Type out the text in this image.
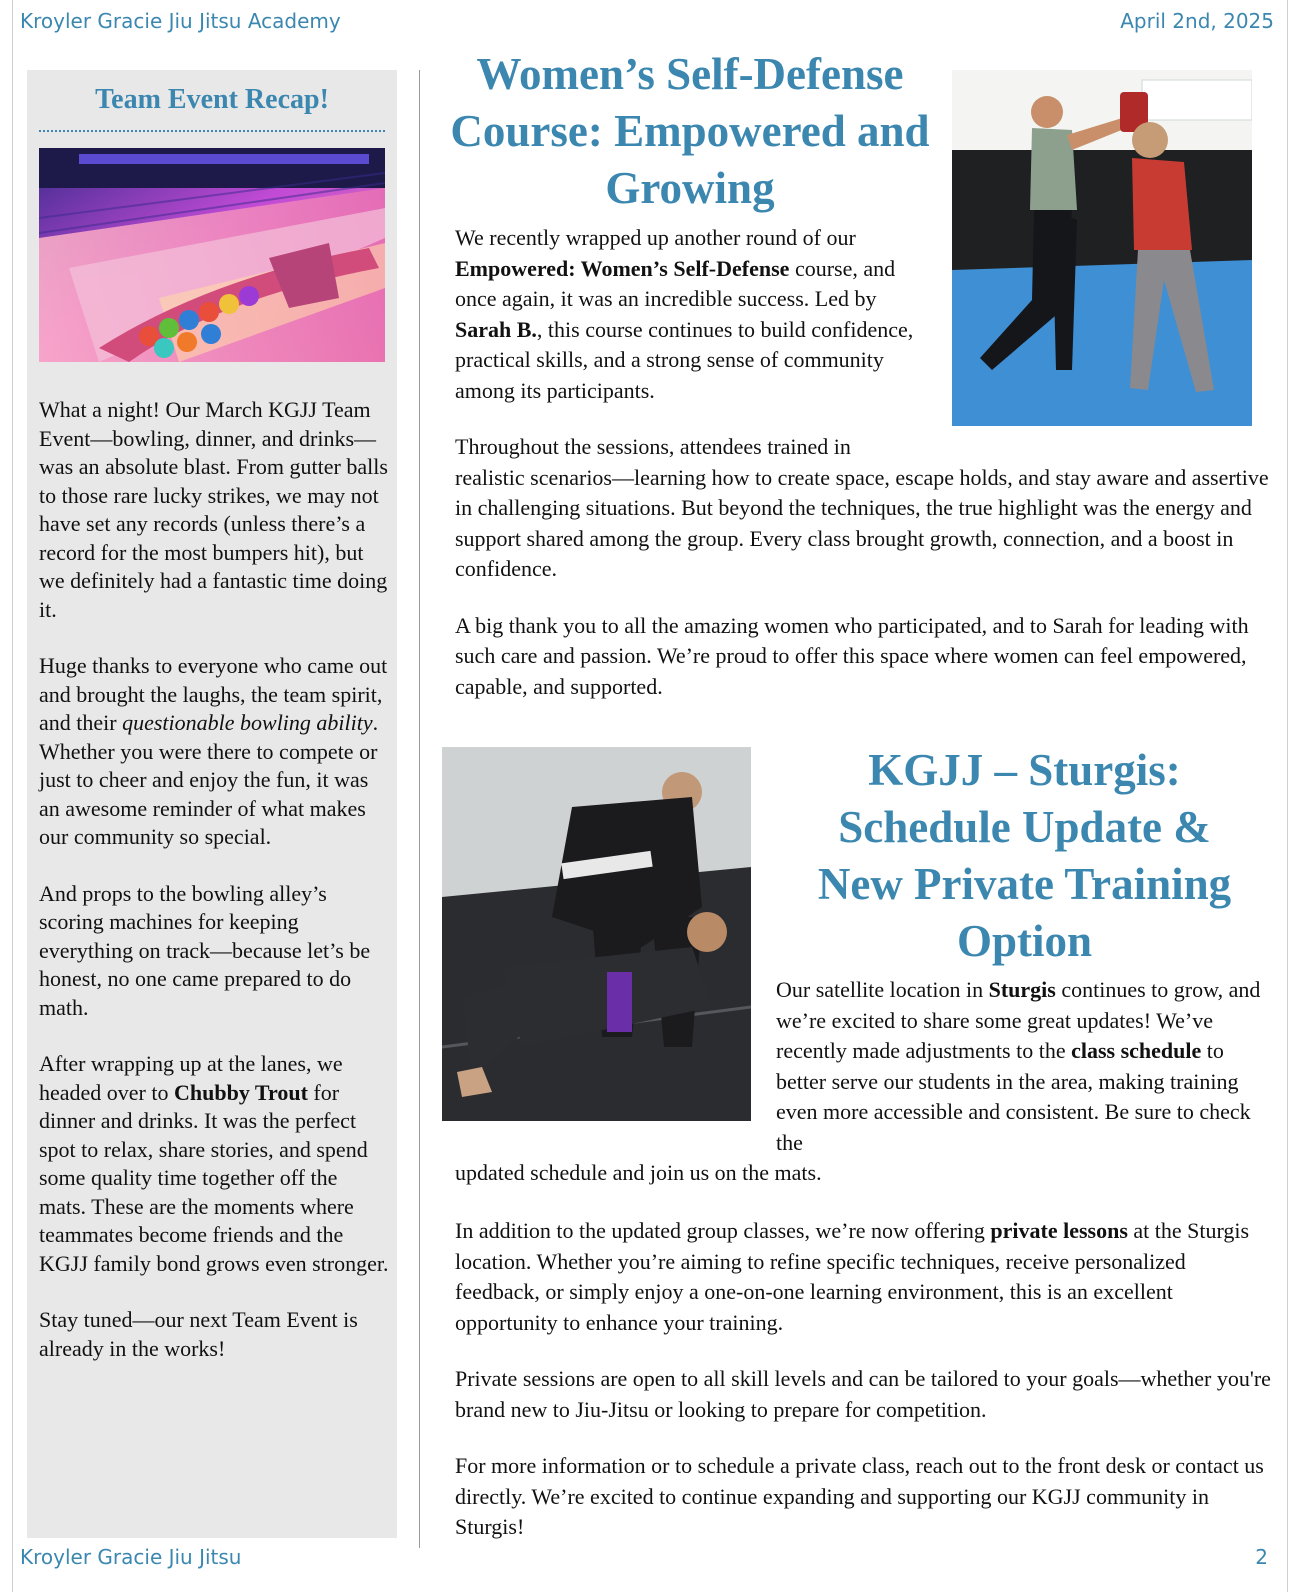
Kroyler Gracie Jiu Jitsu Academy	April 2nd, 2025
Team Event Recap!

What a night! Our March KGJJ Team Event—bowling, dinner, and drinks—was an absolute blast. From gutter balls to those rare lucky strikes, we may not have set any records (unless there’s a record for the most bumpers hit), but we definitely had a fantastic time doing it.

Huge thanks to everyone who came out and brought the laughs, the team spirit, and their questionable bowling ability. Whether you were there to compete or just to cheer and enjoy the fun, it was an awesome reminder of what makes our community so special.

And props to the bowling alley’s scoring machines for keeping everything on track—because let’s be honest, no one came prepared to do math.

After wrapping up at the lanes, we headed over to Chubby Trout for dinner and drinks. It was the perfect spot to relax, share stories, and spend some quality time together off the mats. These are the moments where teammates become friends and the KGJJ family bond grows even stronger.

Stay tuned—our next Team Event is already in the works!

Women’s Self-Defense Course: Empowered and Growing

We recently wrapped up another round of our Empowered: Women’s Self-Defense course, and once again, it was an incredible success. Led by Sarah B., this course continues to build confidence, practical skills, and a strong sense of community among its participants.

Throughout the sessions, attendees trained in
realistic scenarios—learning how to create space, escape holds, and stay aware and assertive in challenging situations. But beyond the techniques, the true highlight was the energy and support shared among the group. Every class brought growth, connection, and a boost in confidence.

A big thank you to all the amazing women who participated, and to Sarah for leading with such care and passion. We’re proud to offer this space where women can feel empowered, capable, and supported.

KGJJ – Sturgis: Schedule Update & New Private Training Option
Our satellite location in Sturgis continues to grow, and we’re excited to share some great updates! We’ve recently made adjustments to the class schedule to better serve our students in the area, making training even more accessible and consistent. Be sure to check the
updated schedule and join us on the mats.

In addition to the updated group classes, we’re now offering private lessons at the Sturgis location. Whether you’re aiming to refine specific techniques, receive personalized feedback, or simply enjoy a one-on-one learning environment, this is an excellent opportunity to enhance your training.

Private sessions are open to all skill levels and can be tailored to your goals—whether you're brand new to Jiu-Jitsu or looking to prepare for competition.

For more information or to schedule a private class, reach out to the front desk or contact us directly. We’re excited to continue expanding and supporting our KGJJ community in Sturgis!

Kroyler Gracie Jiu Jitsu	2
